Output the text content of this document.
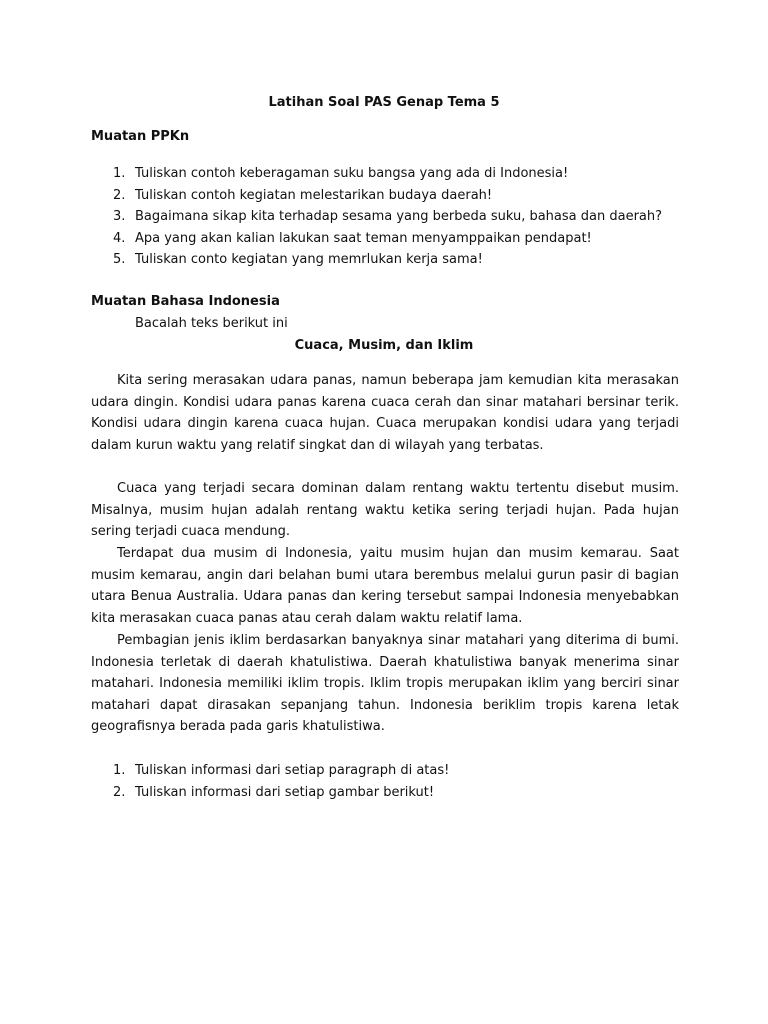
Latihan Soal PAS Genap Tema 5
Muatan PPKn
1. Tuliskan contoh keberagaman suku bangsa yang ada di Indonesia!
2. Tuliskan contoh kegiatan melestarikan budaya daerah!
3. Bagaimana sikap kita terhadap sesama yang berbeda suku, bahasa dan daerah?
4. Apa yang akan kalian lakukan saat teman menyamppaikan pendapat!
5. Tuliskan conto kegiatan yang memrlukan kerja sama!
Muatan Bahasa Indonesia
Bacalah teks berikut ini
Cuaca, Musim, dan Iklim

Kita sering merasakan udara panas, namun beberapa jam kemudian kita merasakan udara dingin. Kondisi udara panas karena cuaca cerah dan sinar matahari bersinar terik. Kondisi udara dingin karena cuaca hujan. Cuaca merupakan kondisi udara yang terjadi dalam kurun waktu yang relatif singkat dan di wilayah yang terbatas.

Cuaca yang terjadi secara dominan dalam rentang waktu tertentu disebut musim. Misalnya, musim hujan adalah rentang waktu ketika sering terjadi hujan. Pada hujan sering terjadi cuaca mendung.

Terdapat dua musim di Indonesia, yaitu musim hujan dan musim kemarau. Saat musim kemarau, angin dari belahan bumi utara berembus melalui gurun pasir di bagian utara Benua Australia. Udara panas dan kering tersebut sampai Indonesia menyebabkan kita merasakan cuaca panas atau cerah dalam waktu relatif lama.

Pembagian jenis iklim berdasarkan banyaknya sinar matahari yang diterima di bumi. Indonesia terletak di daerah khatulistiwa. Daerah khatulistiwa banyak menerima sinar matahari. Indonesia memiliki iklim tropis. Iklim tropis merupakan iklim yang berciri sinar matahari dapat dirasakan sepanjang tahun. Indonesia beriklim tropis karena letak geografisnya berada pada garis khatulistiwa.

1. Tuliskan informasi dari setiap paragraph di atas!
2. Tuliskan informasi dari setiap gambar berikut!
